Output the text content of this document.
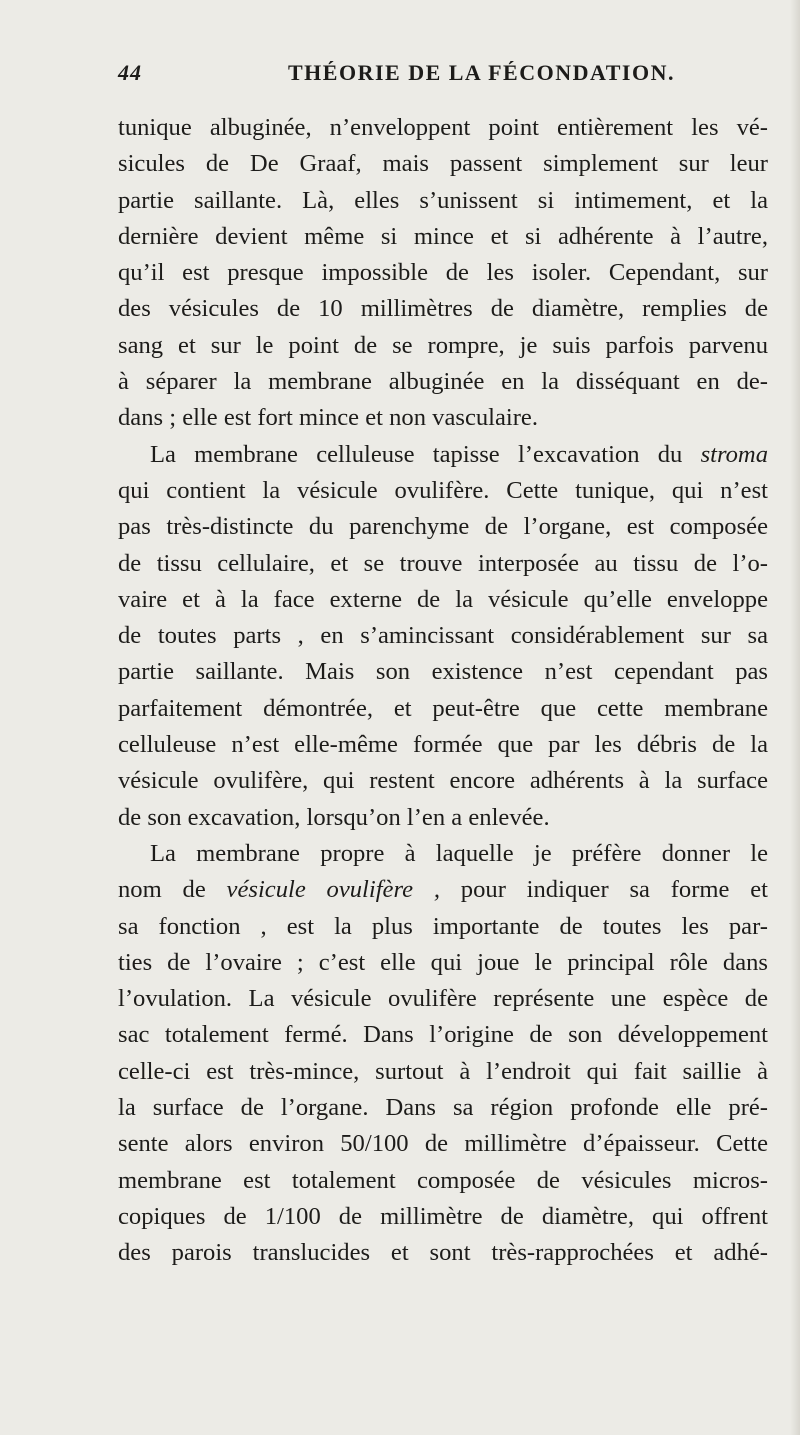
44	THÉORIE DE LA FÉCONDATION.
tunique albuginée, n’enveloppent point entièrement les vé-
sicules de De Graaf, mais passent simplement sur leur
partie saillante. Là, elles s’unissent si intimement, et la
dernière devient même si mince et si adhérente à l’autre,
qu’il est presque impossible de les isoler. Cependant, sur
des vésicules de 10 millimètres de diamètre, remplies de
sang et sur le point de se rompre, je suis parfois parvenu
à séparer la membrane albuginée en la disséquant en de-
dans ; elle est fort mince et non vasculaire.
La membrane celluleuse tapisse l’excavation du stroma
qui contient la vésicule ovulifère. Cette tunique, qui n’est
pas très-distincte du parenchyme de l’organe, est composée
de tissu cellulaire, et se trouve interposée au tissu de l’o-
vaire et à la face externe de la vésicule qu’elle enveloppe
de toutes parts , en s’amincissant considérablement sur sa
partie saillante. Mais son existence n’est cependant pas
parfaitement démontrée, et peut-être que cette membrane
celluleuse n’est elle-même formée que par les débris de la
vésicule ovulifère, qui restent encore adhérents à la surface
de son excavation, lorsqu’on l’en a enlevée.
La membrane propre à laquelle je préfère donner le
nom de vésicule ovulifère , pour indiquer sa forme et
sa fonction , est la plus importante de toutes les par-
ties de l’ovaire ; c’est elle qui joue le principal rôle dans
l’ovulation. La vésicule ovulifère représente une espèce de
sac totalement fermé. Dans l’origine de son développement
celle-ci est très-mince, surtout à l’endroit qui fait saillie à
la surface de l’organe. Dans sa région profonde elle pré-
sente alors environ 50/100 de millimètre d’épaisseur. Cette
membrane est totalement composée de vésicules micros-
copiques de 1/100 de millimètre de diamètre, qui offrent
des parois translucides et sont très-rapprochées et adhé-
